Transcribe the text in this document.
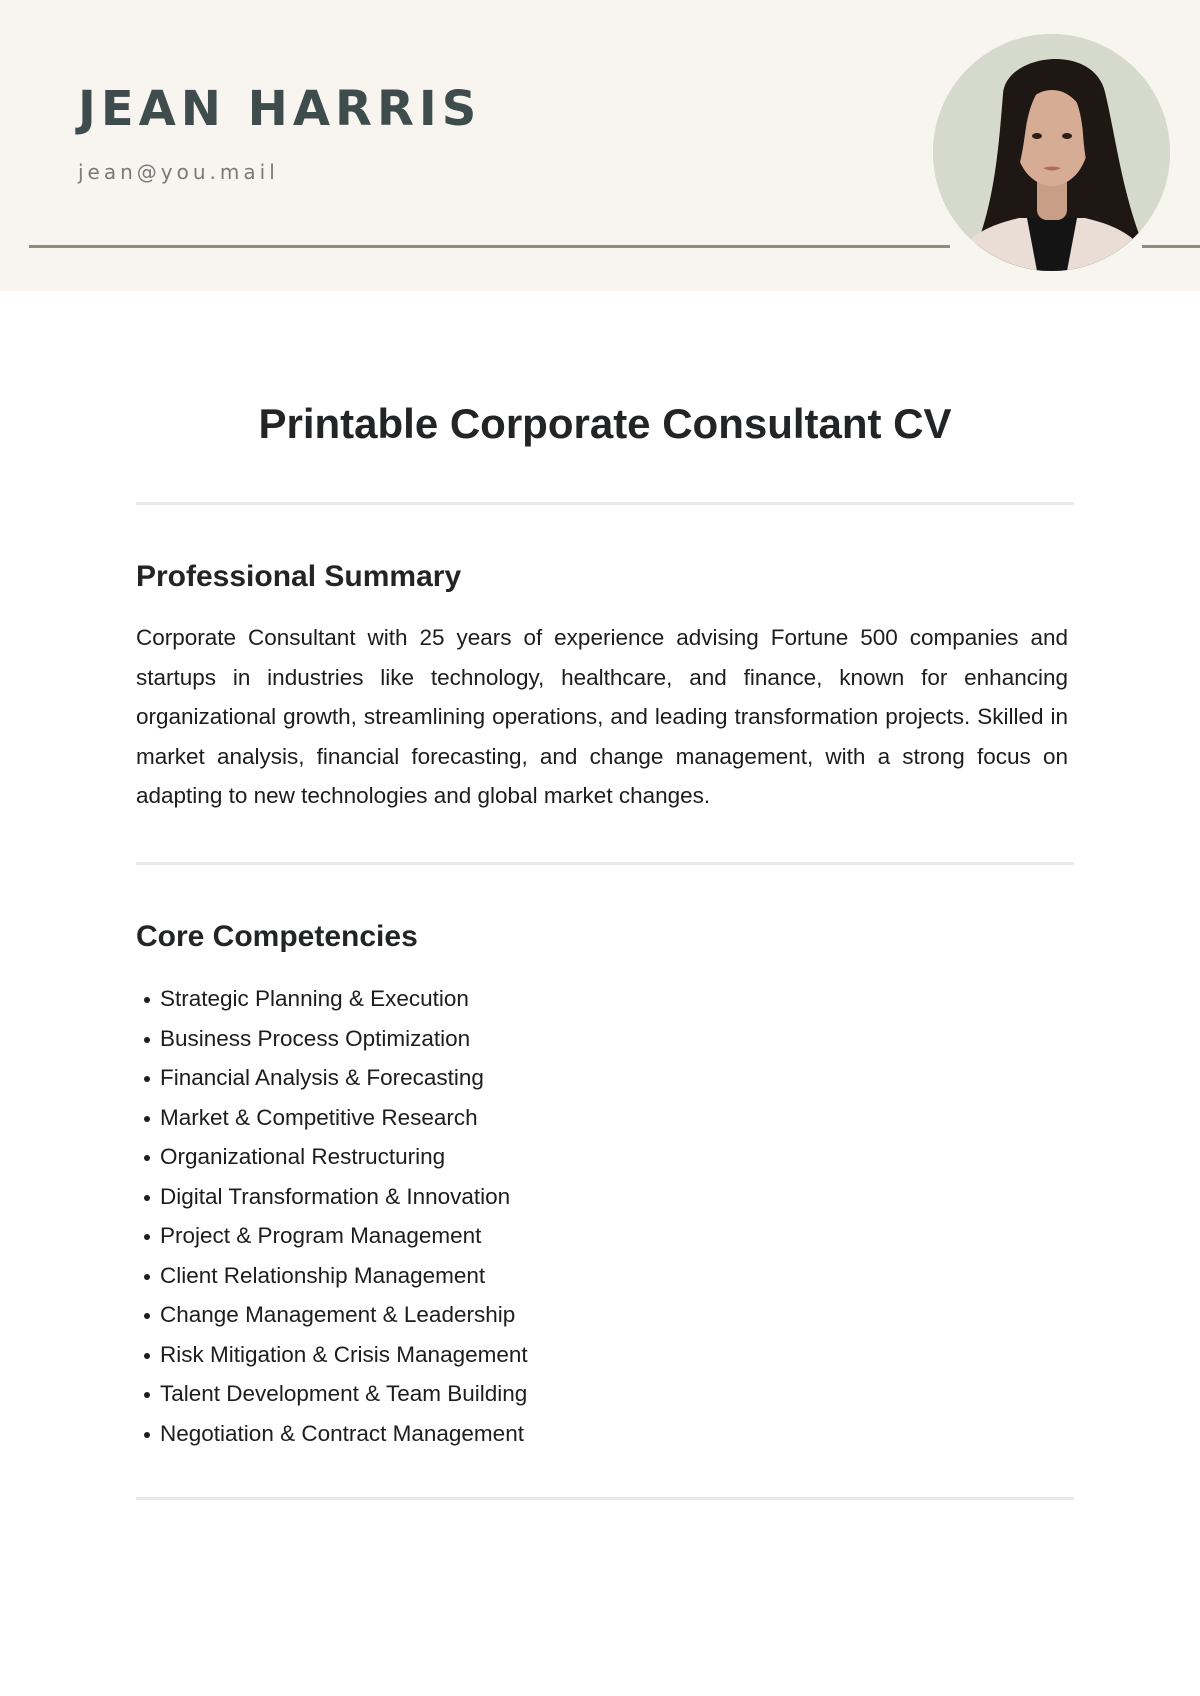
JEAN HARRIS
jean@you.mail
Printable Corporate Consultant CV
Professional Summary

Corporate Consultant with 25 years of experience advising Fortune 500 companies and startups in industries like technology, healthcare, and finance, known for enhancing organizational growth, streamlining operations, and leading transformation projects. Skilled in market analysis, financial forecasting, and change management, with a strong focus on adapting to new technologies and global market changes.

Core Competencies
Strategic Planning & Execution
Business Process Optimization
Financial Analysis & Forecasting
Market & Competitive Research
Organizational Restructuring
Digital Transformation & Innovation
Project & Program Management
Client Relationship Management
Change Management & Leadership
Risk Mitigation & Crisis Management
Talent Development & Team Building
Negotiation & Contract Management
